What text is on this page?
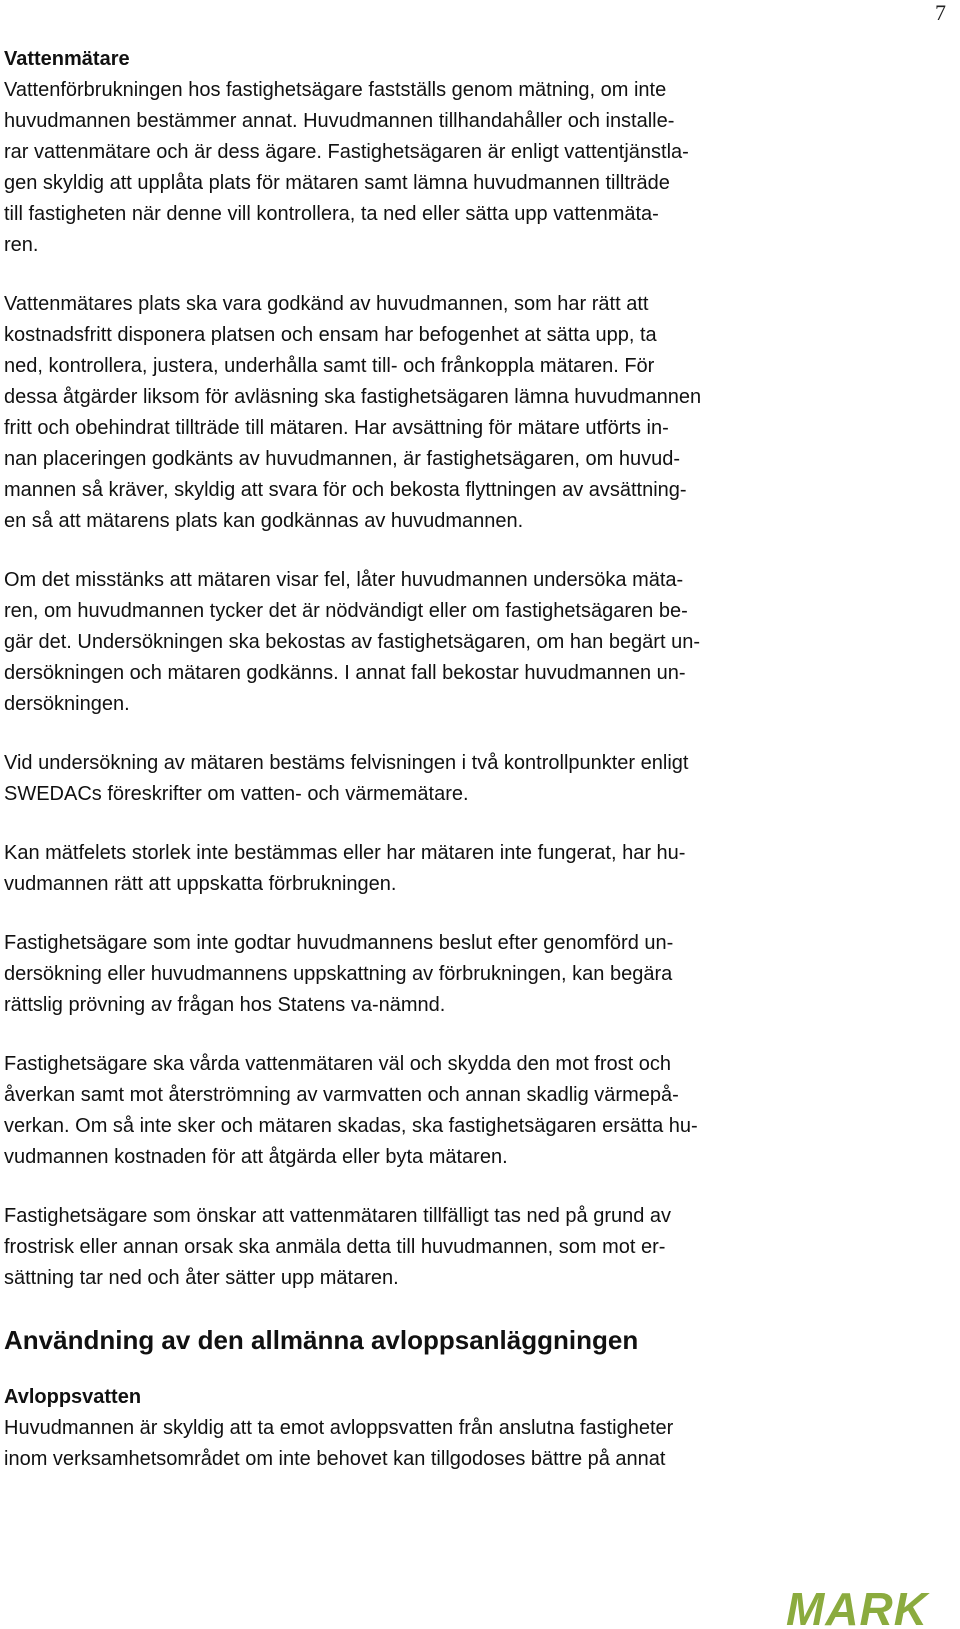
7
Vattenmätare
Vattenförbrukningen hos fastighetsägare fastställs genom mätning, om inte
huvudmannen bestämmer annat. Huvudmannen tillhandahåller och installe-
rar vattenmätare och är dess ägare. Fastighetsägaren är enligt vattentjänstla-
gen skyldig att upplåta plats för mätaren samt lämna huvudmannen tillträde
till fastigheten när denne vill kontrollera, ta ned eller sätta upp vattenmäta-
ren.
Vattenmätares plats ska vara godkänd av huvudmannen, som har rätt att
kostnadsfritt disponera platsen och ensam har befogenhet at sätta upp, ta
ned, kontrollera, justera, underhålla samt till- och frånkoppla mätaren. För
dessa åtgärder liksom för avläsning ska fastighetsägaren lämna huvudmannen
fritt och obehindrat tillträde till mätaren. Har avsättning för mätare utförts in-
nan placeringen godkänts av huvudmannen, är fastighetsägaren, om huvud-
mannen så kräver, skyldig att svara för och bekosta flyttningen av avsättning-
en så att mätarens plats kan godkännas av huvudmannen.
Om det misstänks att mätaren visar fel, låter huvudmannen undersöka mäta-
ren, om huvudmannen tycker det är nödvändigt eller om fastighetsägaren be-
gär det. Undersökningen ska bekostas av fastighetsägaren, om han begärt un-
dersökningen och mätaren godkänns. I annat fall bekostar huvudmannen un-
dersökningen.
Vid undersökning av mätaren bestäms felvisningen i två kontrollpunkter enligt
SWEDACs föreskrifter om vatten- och värmemätare.
Kan mätfelets storlek inte bestämmas eller har mätaren inte fungerat, har hu-
vudmannen rätt att uppskatta förbrukningen.
Fastighetsägare som inte godtar huvudmannens beslut efter genomförd un-
dersökning eller huvudmannens uppskattning av förbrukningen, kan begära
rättslig prövning av frågan hos Statens va-nämnd.
Fastighetsägare ska vårda vattenmätaren väl och skydda den mot frost och
åverkan samt mot återströmning av varmvatten och annan skadlig värmepå-
verkan. Om så inte sker och mätaren skadas, ska fastighetsägaren ersätta hu-
vudmannen kostnaden för att åtgärda eller byta mätaren.
Fastighetsägare som önskar att vattenmätaren tillfälligt tas ned på grund av
frostrisk eller annan orsak ska anmäla detta till huvudmannen, som mot er-
sättning tar ned och åter sätter upp mätaren.
Användning av den allmänna avloppsanläggningen
Avloppsvatten
Huvudmannen är skyldig att ta emot avloppsvatten från anslutna fastigheter
inom verksamhetsområdet om inte behovet kan tillgodoses bättre på annat
MARK
